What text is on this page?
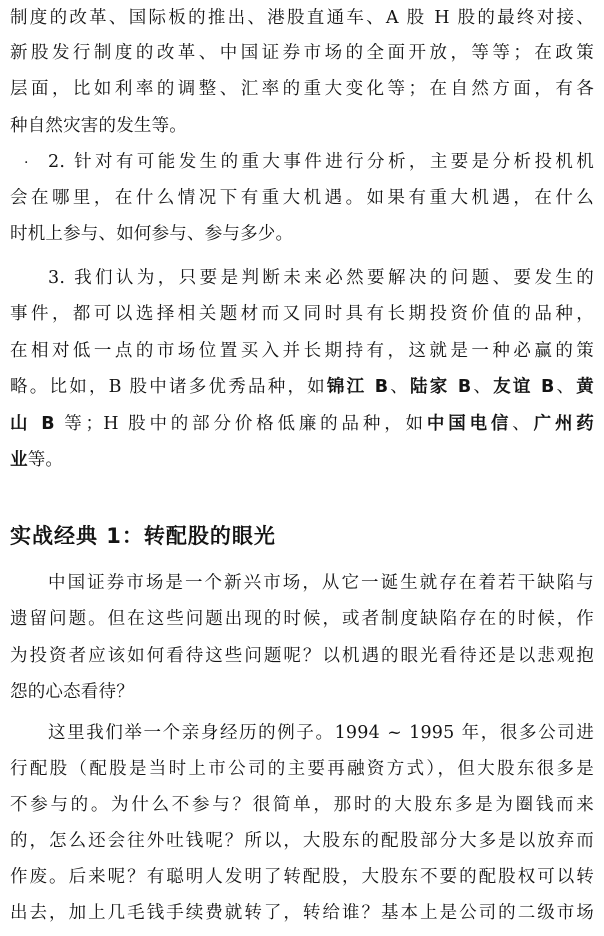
制度的改革、国际板的推出、港股直通车、A 股 H 股的最终对接、
新股发行制度的改革、中国证券市场的全面开放，等等；在政策
层面，比如利率的调整、汇率的重大变化等；在自然方面，有各
种自然灾害的发生等。
· 2. 针对有可能发生的重大事件进行分析，主要是分析投机机
会在哪里，在什么情况下有重大机遇。如果有重大机遇，在什么
时机上参与、如何参与、参与多少。
3. 我们认为，只要是判断未来必然要解决的问题、要发生的
事件，都可以选择相关题材而又同时具有长期投资价值的品种，
在相对低一点的市场位置买入并长期持有，这就是一种必赢的策
略。比如，B 股中诸多优秀品种，如锦江 B、陆家 B、友谊 B、黄
山 B 等；H 股中的部分价格低廉的品种，如中国电信、广州药
业等。
实战经典 1：转配股的眼光
中国证券市场是一个新兴市场，从它一诞生就存在着若干缺陷与
遗留问题。但在这些问题出现的时候，或者制度缺陷存在的时候，作
为投资者应该如何看待这些问题呢？以机遇的眼光看待还是以悲观抱
怨的心态看待？
这里我们举一个亲身经历的例子。1994 ~ 1995 年，很多公司进
行配股（配股是当时上市公司的主要再融资方式），但大股东很多是
不参与的。为什么不参与？很简单，那时的大股东多是为圈钱而来
的，怎么还会往外吐钱呢？所以，大股东的配股部分大多是以放弃而
作废。后来呢？有聪明人发明了转配股，大股东不要的配股权可以转
出去，加上几毛钱手续费就转了，转给谁？基本上是公司的二级市场
